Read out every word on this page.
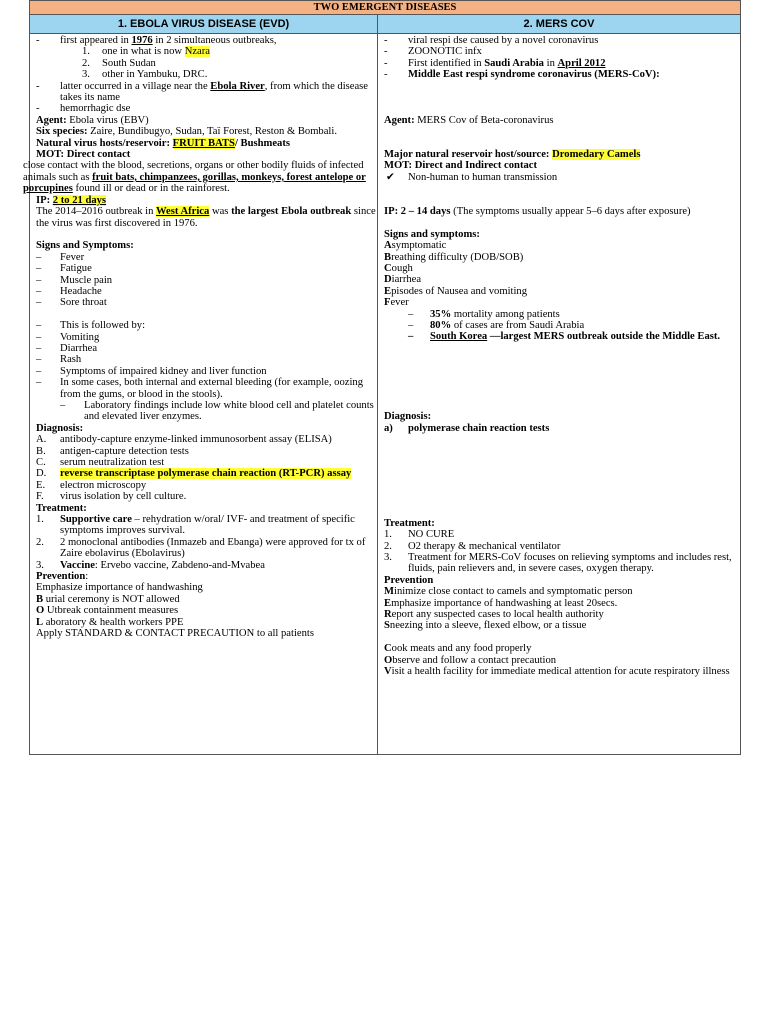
TWO EMERGENT DISEASES
1. EBOLA VIRUS DISEASE (EVD)	2. MERS COV
- first appeared in 1976 in 2 simultaneous outbreaks,
1. one in what is now Nzara
2. South Sudan
3. other in Yambuku, DRC.
- latter occurred in a village near the Ebola River, from which the disease takes its name
- hemorrhagic dse
Agent: Ebola virus (EBV)
Six species: Zaire, Bundibugyo, Sudan, Taï Forest, Reston & Bombali.
Natural virus hosts/reservoir: FRUIT BATS/ Bushmeats
MOT: Direct contact
close contact with the blood, secretions, organs or other bodily fluids of infected animals such as fruit bats, chimpanzees, gorillas, monkeys, forest antelope or porcupines found ill or dead or in the rainforest.
IP: 2 to 21 days
The 2014–2016 outbreak in West Africa was the largest Ebola outbreak since the virus was first discovered in 1976.
Signs and Symptoms:
– Fever
– Fatigue
– Muscle pain
– Headache
– Sore throat
– This is followed by:
– Vomiting
– Diarrhea
– Rash
– Symptoms of impaired kidney and liver function
– In some cases, both internal and external bleeding (for example, oozing from the gums, or blood in the stools).
– Laboratory findings include low white blood cell and platelet counts and elevated liver enzymes.
Diagnosis:
A. antibody-capture enzyme-linked immunosorbent assay (ELISA)
B. antigen-capture detection tests
C. serum neutralization test
D. reverse transcriptase polymerase chain reaction (RT-PCR) assay
E. electron microscopy
F. virus isolation by cell culture.
Treatment:
1. Supportive care – rehydration w/oral/ IVF- and treatment of specific symptoms improves survival.
2. 2 monoclonal antibodies (Inmazeb and Ebanga) were approved for tx of Zaire ebolavirus (Ebolavirus)
3. Vaccine: Ervebo vaccine, Zabdeno-and-Mvabea
Prevention:
Emphasize importance of handwashing
B urial ceremony is NOT allowed
O Utbreak containment measures
L aboratory & health workers PPE
Apply STANDARD & CONTACT PRECAUTION to all patients
- viral respi dse caused by a novel coronavirus
- ZOONOTIC infx
- First identified in Saudi Arabia in April 2012
- Middle East respi syndrome coronavirus (MERS-CoV):
Agent: MERS Cov of Beta-coronavirus
Major natural reservoir host/source: Dromedary Camels
MOT: Direct and Indirect contact
✔ Non-human to human transmission
IP: 2 – 14 days (The symptoms usually appear 5–6 days after exposure)
Signs and symptoms:
Asymptomatic
Breathing difficulty (DOB/SOB)
Cough
Diarrhea
Episodes of Nausea and vomiting
Fever
– 35% mortality among patients
– 80% of cases are from Saudi Arabia
– South Korea —largest MERS outbreak outside the Middle East.
Diagnosis:
a) polymerase chain reaction tests
Treatment:
1. NO CURE
2. O2 therapy & mechanical ventilator
3. Treatment for MERS-CoV focuses on relieving symptoms and includes rest, fluids, pain relievers and, in severe cases, oxygen therapy.
Prevention
Minimize close contact to camels and symptomatic person
Emphasize importance of handwashing at least 20secs.
Report any suspected cases to local health authority
Sneezing into a sleeve, flexed elbow, or a tissue
Cook meats and any food properly
Observe and follow a contact precaution
Visit a health facility for immediate medical attention for acute respiratory illness
